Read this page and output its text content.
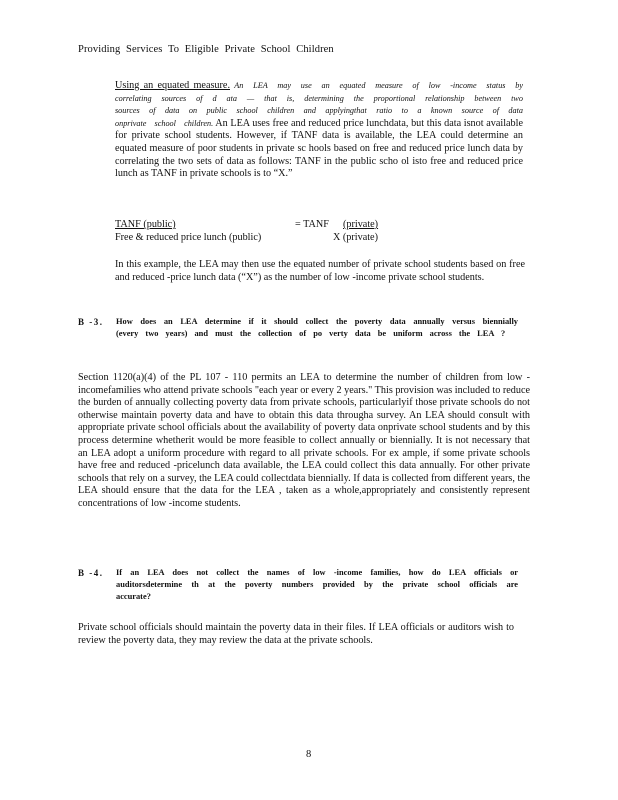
Providing Services To Eligible Private School Children
Using an equated measure. An LEA may use an equated measure of low -income status by correlating sources of d ata — that is, determining the proportional relationship between two sources of data on public school children and applyingthat ratio to a known source of data onprivate school children. An LEA uses free and reduced price lunchdata, but this data isnot available for private school students. However, if TANF data is available, the LEA could determine an equated measure of poor students in private sc hools based on free and reduced price lunch data by correlating the two sets of data as follows: TANF in the public scho ol isto free and reduced price lunch as TANF in private schools is to “X.”
TANF (public)	= TANF (private)
Free & reduced price lunch (public)	X (private)
In this example, the LEA may then use the equated number of private school students based on free and reduced -price lunch data (“X”) as the number of low -income private school students.
B -3. How does an LEA determine if it should collect the poverty data annually versus biennially (every two years) and must the collection of po verty data be uniform across the LEA ?
Section 1120(a)(4) of the PL 107 - 110 permits an LEA to determine the number of children from low -incomefamilies who attend private schools "each year or every 2 years." This provision was included to reduce the burden of annually collecting poverty data from private schools, particularlyif those private schools do not otherwise maintain poverty data and have to obtain this data througha survey. An LEA should consult with appropriate private school officials about the availability of poverty data onprivate school students and by this process determine whetherit would be more feasible to collect annually or biennially. It is not necessary that an LEA adopt a uniform procedure with regard to all private schools. For ex ample, if some private schools have free and reduced -pricelunch data available, the LEA could collect this data annually. For other private schools that rely on a survey, the LEA could collectdata biennially. If data is collected from different years, the LEA should ensure that the data for the LEA , taken as a whole,appropriately and consistently represent concentrations of low -income students.
B -4. If an LEA does not collect the names of low -income families, how do LEA officials or auditorsdetermine th at the poverty numbers provided by the private school officials are accurate?
Private school officials should maintain the poverty data in their files. If LEA officials or auditors wish to review the poverty data, they may review the data at the private schools.
8
